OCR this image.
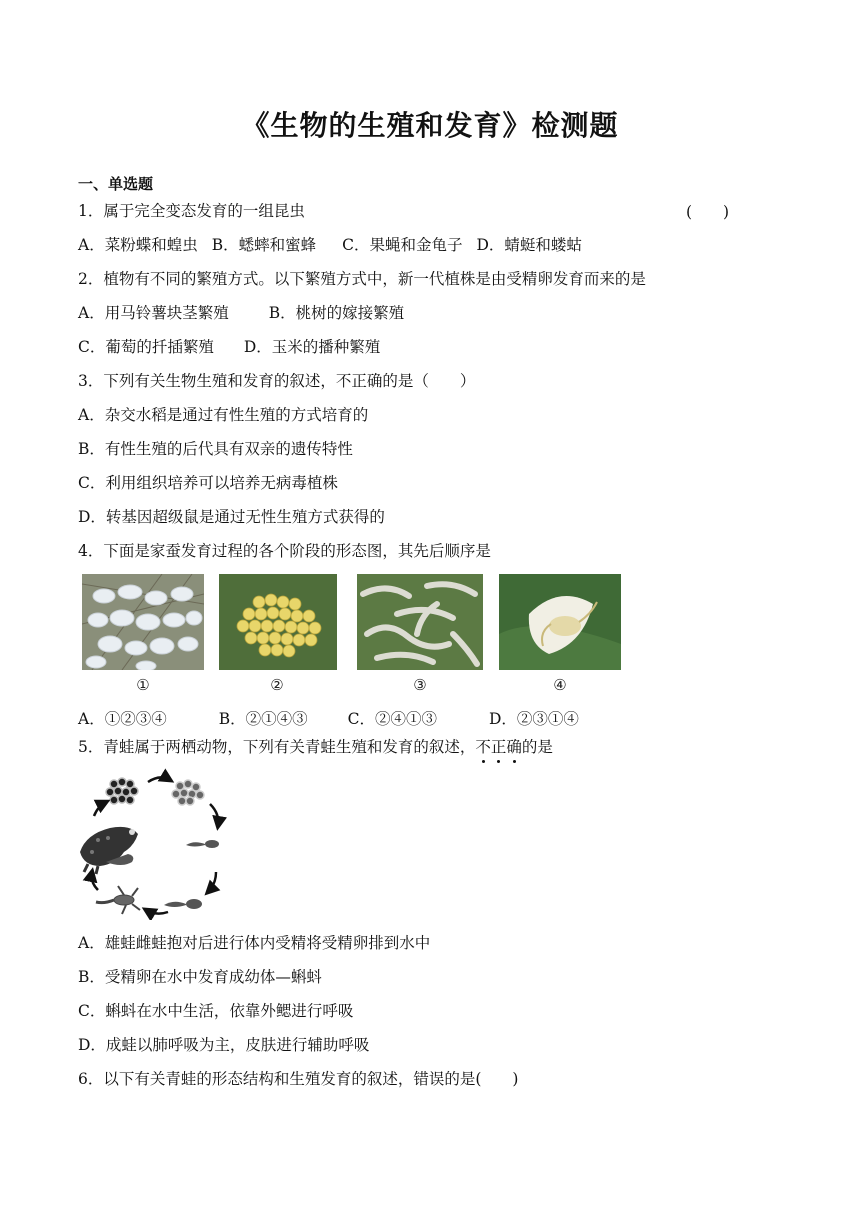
《生物的生殖和发育》检测题
一、单选题
1．属于完全变态发育的一组昆虫	(　　)
A．菜粉蝶和蝗虫 B．蟋蟀和蜜蜂 C．果蝇和金龟子 D．蜻蜓和蝼蛄
2．植物有不同的繁殖方式。以下繁殖方式中，新一代植株是由受精卵发育而来的是
A．用马铃薯块茎繁殖	B．桃树的嫁接繁殖
C．葡萄的扦插繁殖 D．玉米的播种繁殖
3．下列有关生物生殖和发育的叙述，不正确的是（　　）
A．杂交水稻是通过有性生殖的方式培育的
B．有性生殖的后代具有双亲的遗传特性
C．利用组织培养可以培养无病毒植株
D．转基因超级鼠是通过无性生殖方式获得的
4．下面是家蚕发育过程的各个阶段的形态图，其先后顺序是
①	②	③	④
A．①②③④	B．②①④③	C．②④①③	D．②③①④
5．青蛙属于两栖动物，下列有关青蛙生殖和发育的叙述，不正确的是
A．雄蛙雌蛙抱对后进行体内受精将受精卵排到水中
B．受精卵在水中发育成幼体—蝌蚪
C．蝌蚪在水中生活，依靠外鳃进行呼吸
D．成蛙以肺呼吸为主，皮肤进行辅助呼吸
6．以下有关青蛙的形态结构和生殖发育的叙述，错误的是(　　)
